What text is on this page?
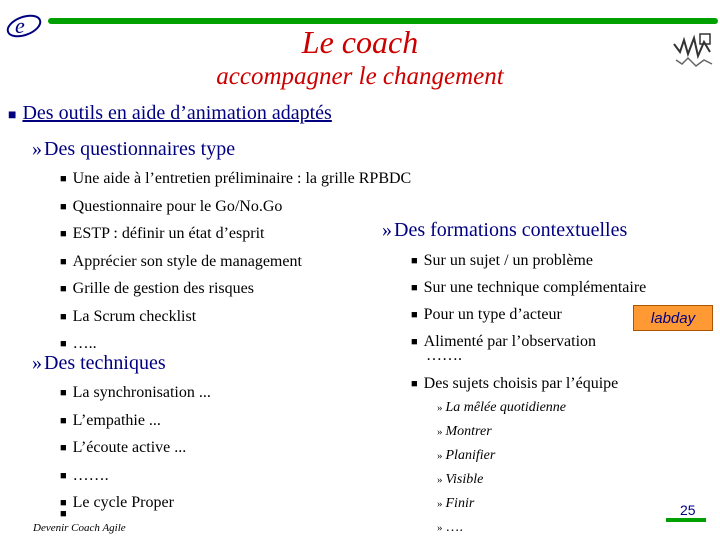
e	Le coach
accompagner le changement
■ Des outils en aide d’animation adaptés
» Des questionnaires type
■ Une aide à l’entretien préliminaire : la grille RPBDC
■ Questionnaire pour le Go/No.Go
■ ESTP : définir un état d’esprit
■ Apprécier son style de management
■ Grille de gestion des risques
■ La Scrum checklist
■ …..
» Des techniques
■ La synchronisation ...
■ L’empathie ...
■ L’écoute active ...
■ …….
■ Le cycle Proper
■
» Des formations contextuelles
■ Sur un sujet / un problème
■ Sur une technique complémentaire
■ Pour un type d’acteur
■ Alimenté par l’observation
…….
■ Des sujets choisis par l’équipe
» La mêlée quotidienne
» Montrer
» Planifier
» Visible
» Finir
» ….
labday
25
Devenir Coach Agile
